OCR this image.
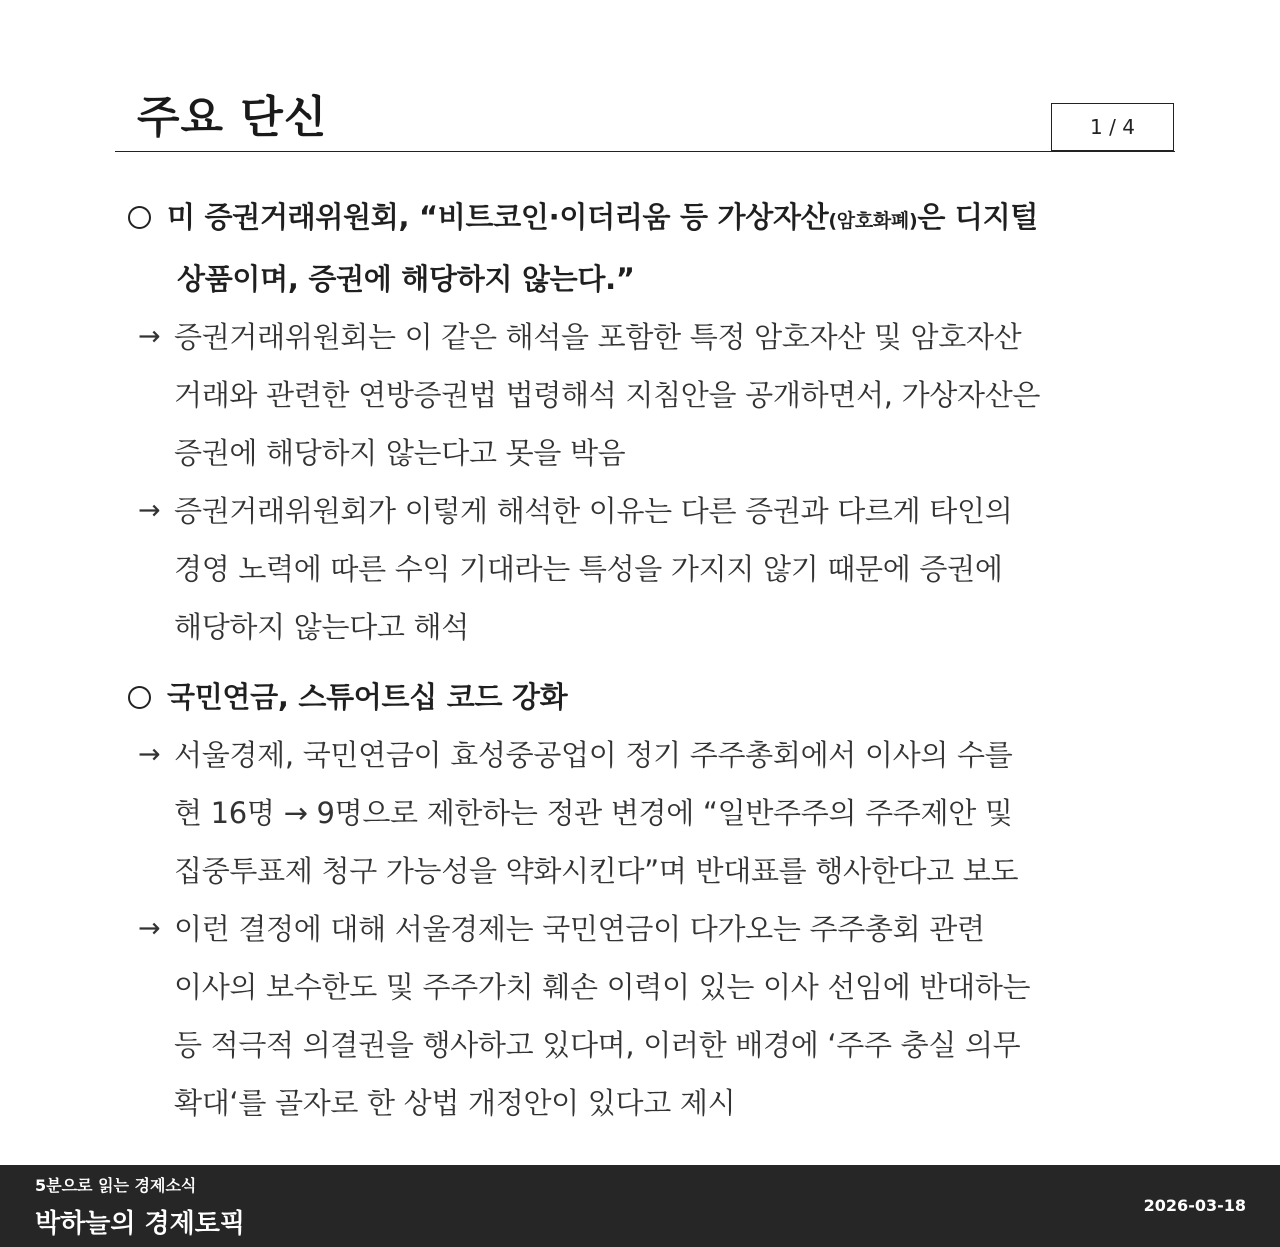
주요 단신	1 / 4
미 증권거래위원회, “비트코인·이더리움 등 가상자산(암호화폐)은 디지털
상품이며, 증권에 해당하지 않는다.”
→ 증권거래위원회는 이 같은 해석을 포함한 특정 암호자산 및 암호자산
거래와 관련한 연방증권법 법령해석 지침안을 공개하면서, 가상자산은
증권에 해당하지 않는다고 못을 박음
→ 증권거래위원회가 이렇게 해석한 이유는 다른 증권과 다르게 타인의
경영 노력에 따른 수익 기대라는 특성을 가지지 않기 때문에 증권에
해당하지 않는다고 해석
국민연금, 스튜어트십 코드 강화
→ 서울경제, 국민연금이 효성중공업이 정기 주주총회에서 이사의 수를
현 16명 → 9명으로 제한하는 정관 변경에 “일반주주의 주주제안 및
집중투표제 청구 가능성을 약화시킨다”며 반대표를 행사한다고 보도
→ 이런 결정에 대해 서울경제는 국민연금이 다가오는 주주총회 관련
이사의 보수한도 및 주주가치 훼손 이력이 있는 이사 선임에 반대하는
등 적극적 의결권을 행사하고 있다며, 이러한 배경에 ‘주주 충실 의무
확대‘를 골자로 한 상법 개정안이 있다고 제시
5분으로 읽는 경제소식
박하늘의 경제토픽
2026-03-18
